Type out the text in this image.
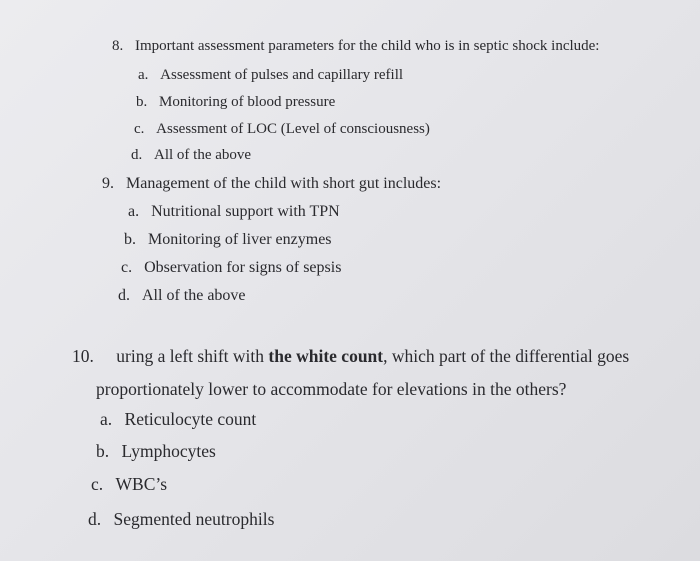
8. Important assessment parameters for the child who is in septic shock include:
a. Assessment of pulses and capillary refill
b. Monitoring of blood pressure
c. Assessment of LOC (Level of consciousness)
d. All of the above
9. Management of the child with short gut includes:
a. Nutritional support with TPN
b. Monitoring of liver enzymes
c. Observation for signs of sepsis
d. All of the above
10. uring a left shift with the white count, which part of the differential goes
proportionately lower to accommodate for elevations in the others?
a. Reticulocyte count
b. Lymphocytes
c. WBC’s
d. Segmented neutrophils
